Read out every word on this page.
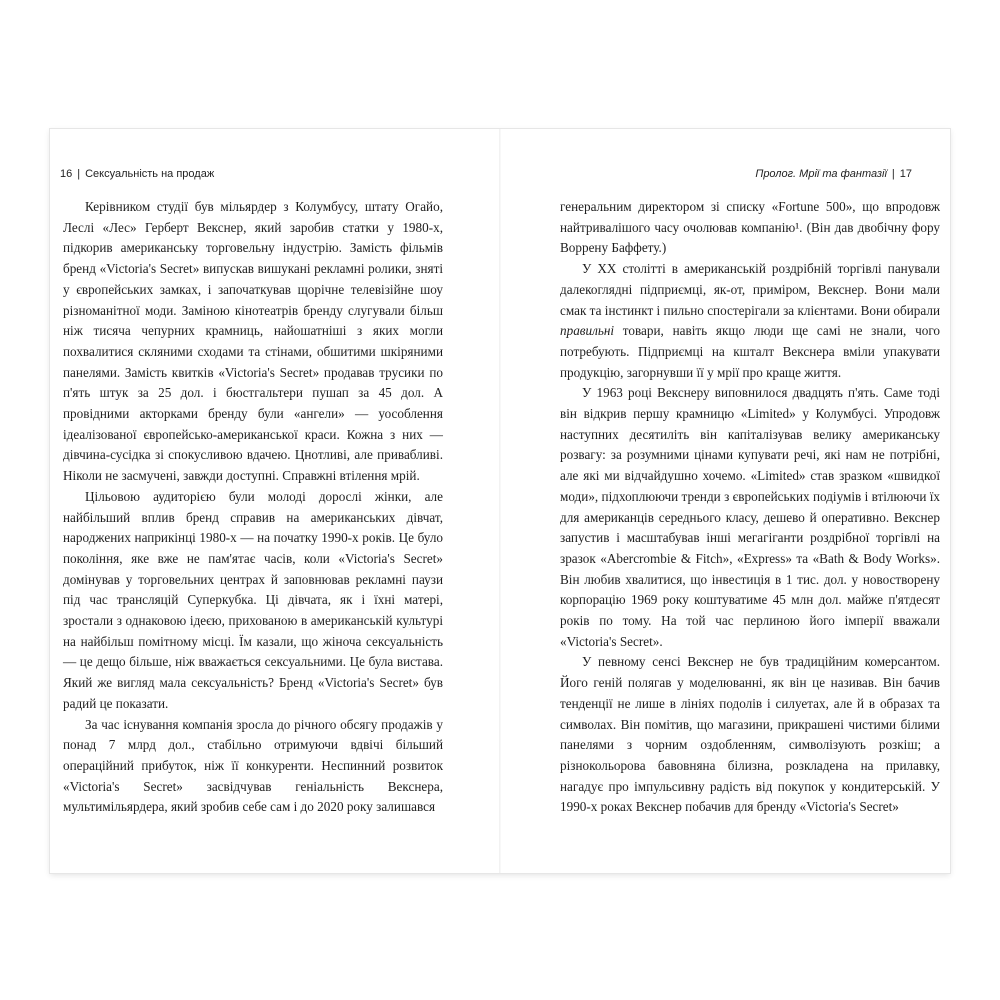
16 | Сексуальність на продаж

Керівником студії був мільярдер з Колумбусу, штату Огайо, Леслі «Лес» Герберт Векснер, який заробив статки у 1980-х, підкорив американську торговельну індустрію. Замість фільмів бренд «Victoria's Secret» випускав вишукані рекламні ролики, зняті у європейських замках, і започаткував щорічне телевізійне шоу різноманітної моди. Заміною кінотеатрів бренду слугували більш ніж тисяча чепурних крамниць, найошатніші з яких могли похвалитися скляними сходами та стінами, обшитими шкіряними панелями. Замість квитків «Victoria's Secret» продавав трусики по п'ять штук за 25 дол. і бюстгальтери пушап за 45 дол. А провідними акторками бренду були «ангели» — уособлення ідеалізованої європейсько-американської краси. Кожна з них — дівчина-сусідка зі спокусливою вдачею. Цнотливі, але привабливі. Ніколи не засмучені, завжди доступні. Справжні втілення мрій.

Цільовою аудиторією були молоді дорослі жінки, але найбільший вплив бренд справив на американських дівчат, народжених наприкінці 1980-х — на початку 1990-х років. Це було покоління, яке вже не пам'ятає часів, коли «Victoria's Secret» домінував у торговельних центрах й заповнював рекламні паузи під час трансляцій Суперкубка. Ці дівчата, як і їхні матері, зростали з однаковою ідеєю, прихованою в американській культурі на найбільш помітному місці. Їм казали, що жіноча сексуальність — це дещо більше, ніж вважається сексуальними. Це була вистава. Який же вигляд мала сексуальність? Бренд «Victoria's Secret» був радий це показати.

За час існування компанія зросла до річного обсягу продажів у понад 7 млрд дол., стабільно отримуючи вдвічі більший операційний прибуток, ніж її конкуренти. Неспинний розвиток «Victoria's Secret» засвідчував геніальність Векснера, мультимільярдера, який зробив себе сам і до 2020 року залишався

Пролог. Мрії та фантазії | 17

генеральним директором зі списку «Fortune 500», що впродовж найтривалішого часу очолював компанію¹. (Він дав двобічну фору Воррену Баффету.)

У XX столітті в американській роздрібній торгівлі панували далекоглядні підприємці, як-от, приміром, Векснер. Вони мали смак та інстинкт і пильно спостерігали за клієнтами. Вони обирали правильні товари, навіть якщо люди ще самі не знали, чого потребують. Підприємці на кшталт Векснера вміли упакувати продукцію, загорнувши її у мрії про краще життя.

У 1963 році Векснеру виповнилося двадцять п'ять. Саме тоді він відкрив першу крамницю «Limited» у Колумбусі. Упродовж наступних десятиліть він капіталізував велику американську розвагу: за розумними цінами купувати речі, які нам не потрібні, але які ми відчайдушно хочемо. «Limited» став зразком «швидкої моди», підхоплюючи тренди з європейських подіумів і втілюючи їх для американців середнього класу, дешево й оперативно. Векснер запустив і масштабував інші мегагіганти роздрібної торгівлі на зразок «Abercrombie & Fitch», «Express» та «Bath & Body Works». Він любив хвалитися, що інвестиція в 1 тис. дол. у новостворену корпорацію 1969 року коштуватиме 45 млн дол. майже п'ятдесят років по тому. На той час перлиною його імперії вважали «Victoria's Secret».

У певному сенсі Векснер не був традиційним комерсантом. Його геній полягав у моделюванні, як він це називав. Він бачив тенденції не лише в лініях подолів і силуетах, але й в образах та символах. Він помітив, що магазини, прикрашені чистими білими панелями з чорним оздобленням, символізують розкіш; а різнокольорова бавовняна білизна, розкладена на прилавку, нагадує про імпульсивну радість від покупок у кондитерській. У 1990-х роках Векснер побачив для бренду «Victoria's Secret»
